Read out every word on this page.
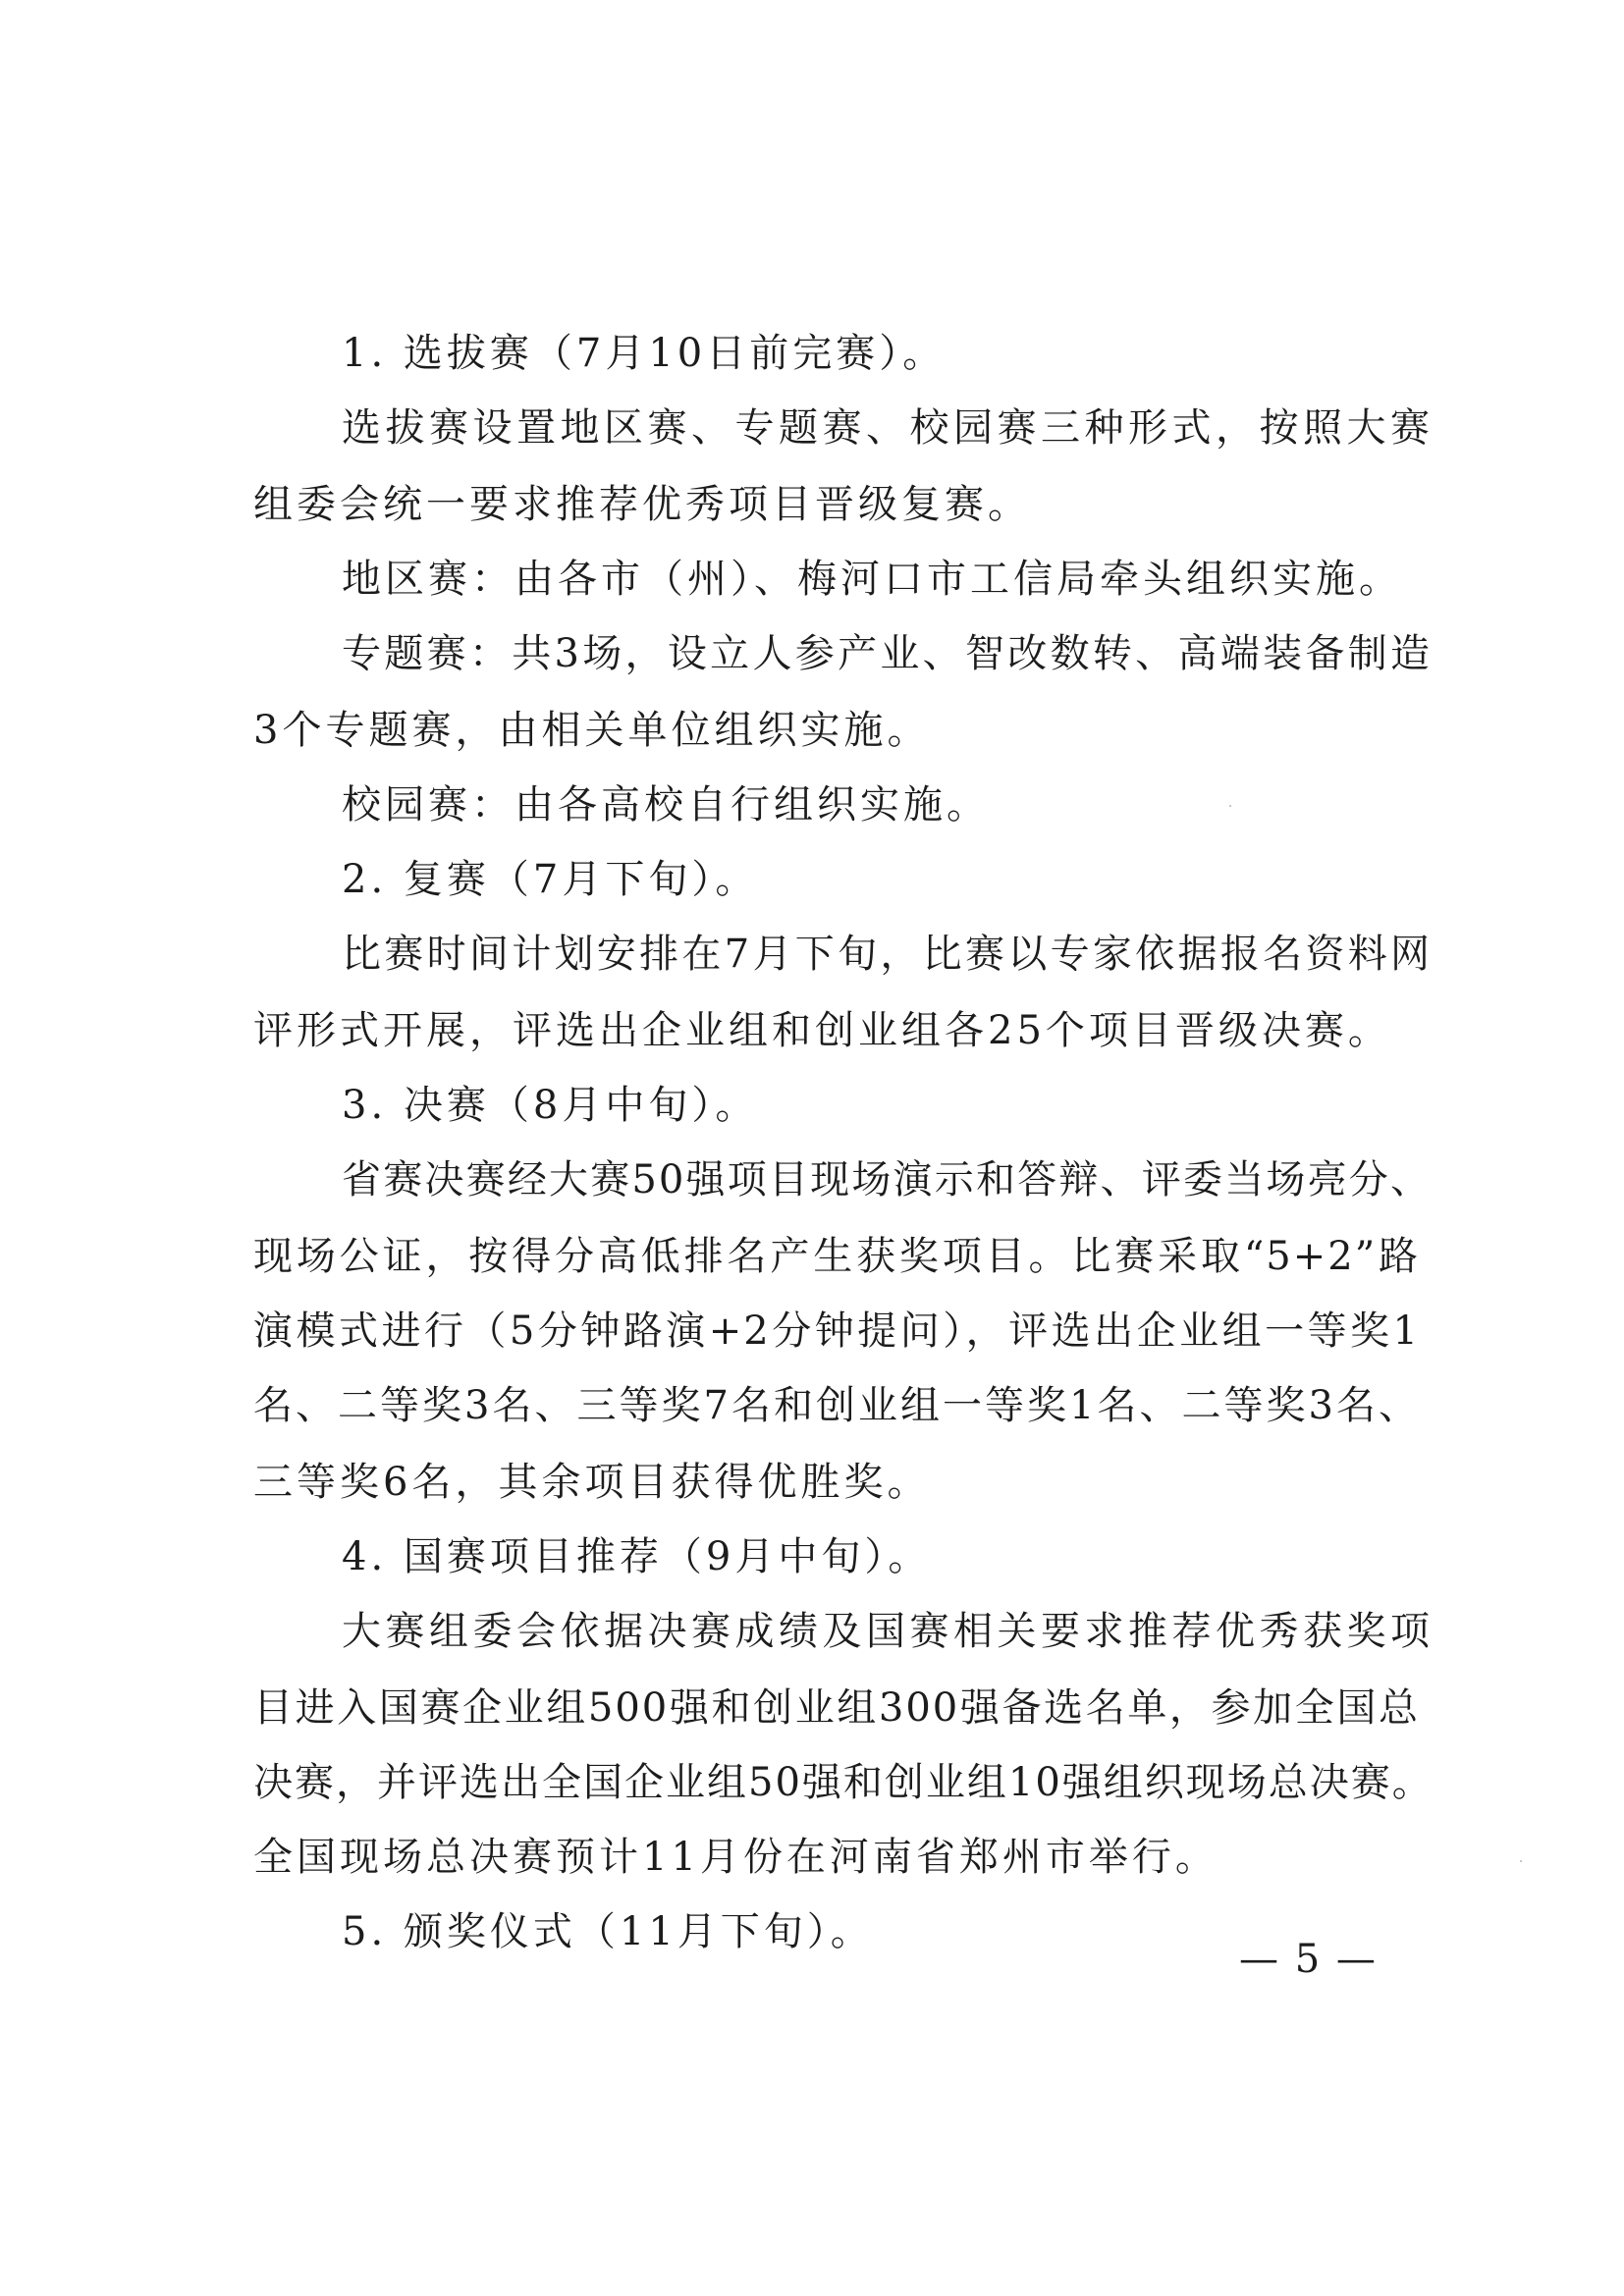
1. 选拔赛（7月10日前完赛）。
选拔赛设置地区赛、专题赛、校园赛三种形式，按照大赛
组委会统一要求推荐优秀项目晋级复赛。
地区赛：由各市（州）、梅河口市工信局牵头组织实施。
专题赛：共3场，设立人参产业、智改数转、高端装备制造
3个专题赛，由相关单位组织实施。
校园赛：由各高校自行组织实施。
2. 复赛（7月下旬）。
比赛时间计划安排在7月下旬，比赛以专家依据报名资料网
评形式开展，评选出企业组和创业组各25个项目晋级决赛。
3. 决赛（8月中旬）。
省赛决赛经大赛50强项目现场演示和答辩、评委当场亮分、
现场公证，按得分高低排名产生获奖项目。比赛采取“5+2”路
演模式进行（5分钟路演+2分钟提问），评选出企业组一等奖1
名、二等奖3名、三等奖7名和创业组一等奖1名、二等奖3名、
三等奖6名，其余项目获得优胜奖。
4. 国赛项目推荐（9月中旬）。
大赛组委会依据决赛成绩及国赛相关要求推荐优秀获奖项
目进入国赛企业组500强和创业组300强备选名单，参加全国总
决赛，并评选出全国企业组50强和创业组10强组织现场总决赛。
全国现场总决赛预计11月份在河南省郑州市举行。
5. 颁奖仪式（11月下旬）。
— 5 —
